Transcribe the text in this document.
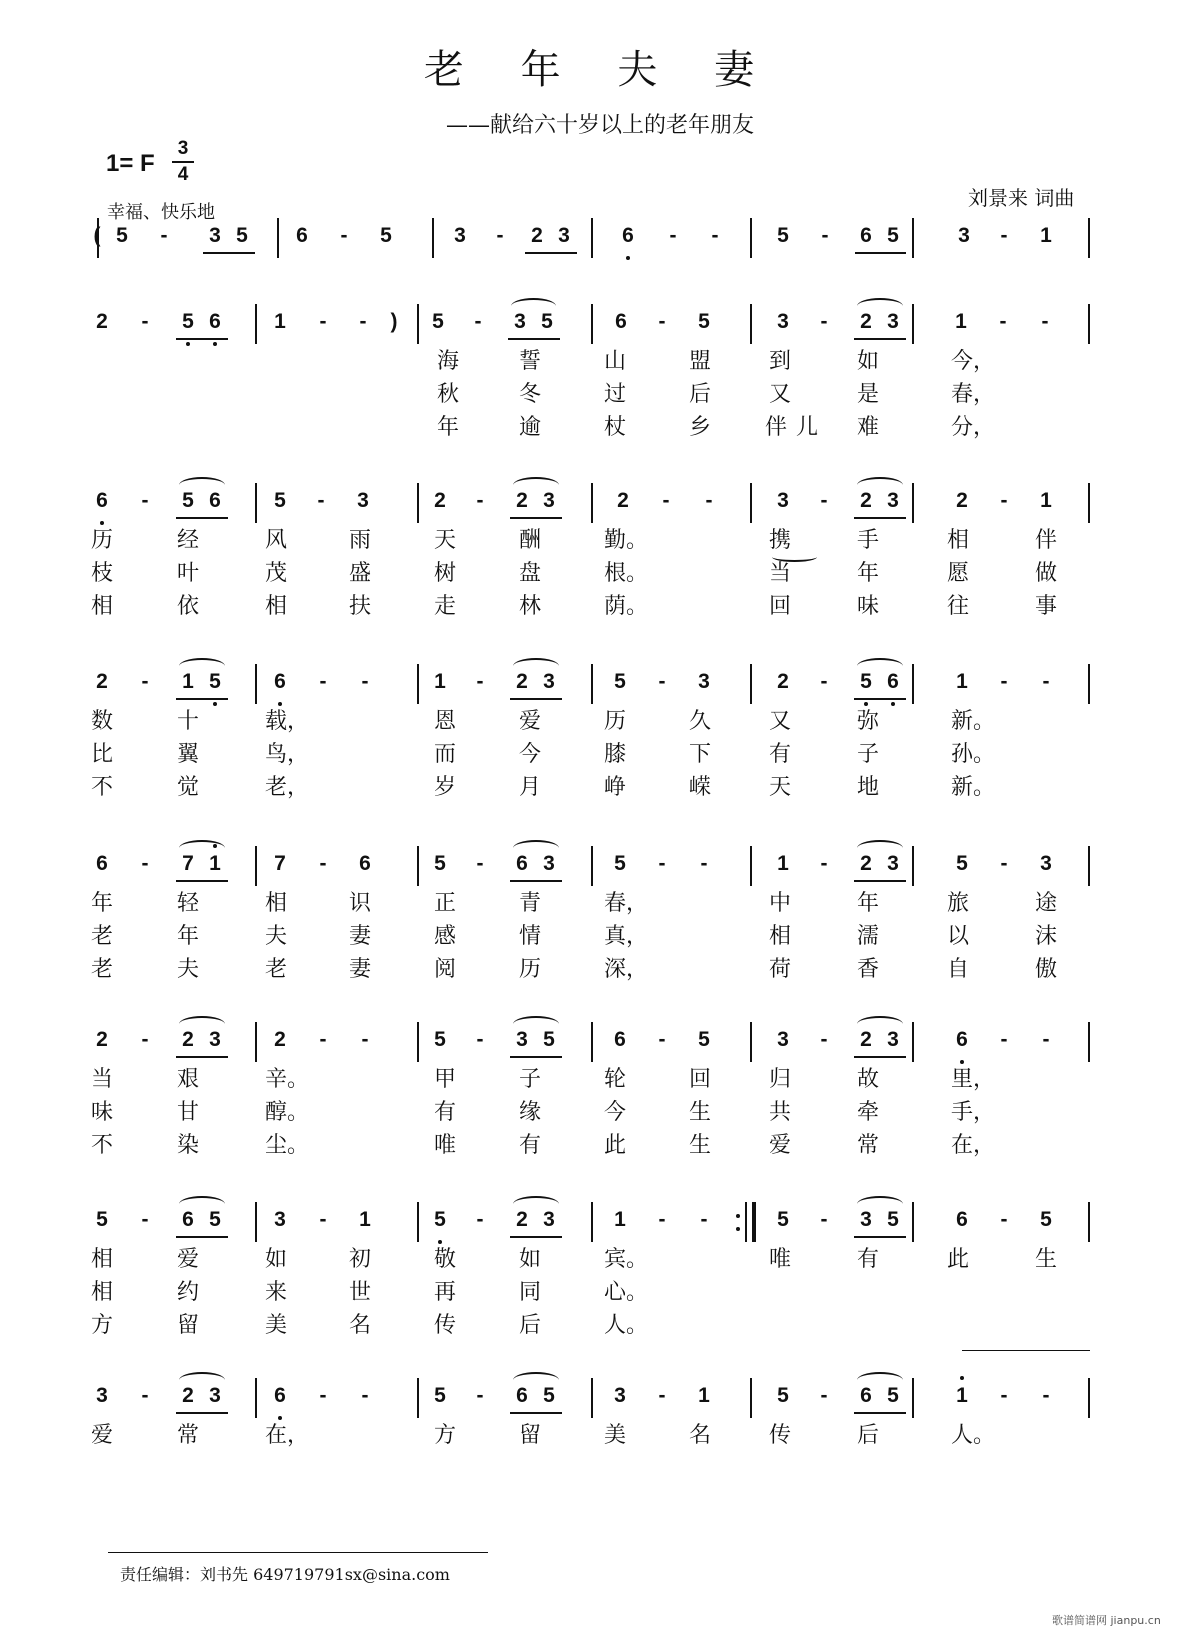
老 年 夫 妻
——献给六十岁以上的老年朋友
1= F
3
4
幸福、快乐地
刘景来 词曲
( 5	-	3 5 6	-	5	3	-	2 3 6	-	-	5	-	6 5	3	-	1
2	-	5 6	1	-	-	)	5	-	3 5	6	-	5	3	-	2 3	1	-	-
海	誓	山	盟	到	如	今，
秋	冬	过	后	又	是	春，
年	逾	杖	乡 伴 儿 难	分，
6	-	5 6	5	-	3	2	-	2 3	2	-	-	3	-	2 3	2	-	1
历	经	风	雨	天	酬	勤。	携	手	相	伴
枝	叶	茂	盛	树	盘	根。	当	年	愿	做
相	依	相	扶	走	林	荫。	回	味	往	事
2	-	1 5	6	-	-	1	-	2 3	5	-	3	2	-	5 6	1	-	-
数	十	载，	恩	爱	历	久	又	弥	新。
比	翼	鸟，	而	今	膝	下	有	子	孙。
不	觉	老，	岁	月	峥	嵘	天	地	新。
6	-	7 1	7	-	6	5	-	6 3	5	-	-	1	-	2 3	5	-	3
年	轻	相	识	正	青	春，	中	年	旅	途
老	年	夫	妻	感	情	真，	相	濡	以	沫
老	夫	老	妻	阅	历	深，	荷	香	自	傲
2	-	2 3	2	-	-	5	-	3 5	6	-	5	3	-	2 3	6	-	-
当	艰	辛。	甲	子	轮	回	归	故	里，
味	甘	醇。	有	缘	今	生	共	牵	手，
不	染	尘。	唯	有	此	生	爱	常	在，
5	-	6 5	3	-	1	5	-	2 3	1	-	-	5	-	3 5	6	-	5
相	爱	如	初	敬	如	宾。	唯	有	此	生
相	约	来	世	再	同	心。
方	留	美	名	传	后	人。
3	-	2 3	6	-	-	5	-	6 5	3	-	1	5	-	6 5	1	-	-
爱	常	在，	方	留	美	名	传	后	人。
责任编辑：刘书先 649719791sx@sina.com
歌谱简谱网 jianpu.cn
